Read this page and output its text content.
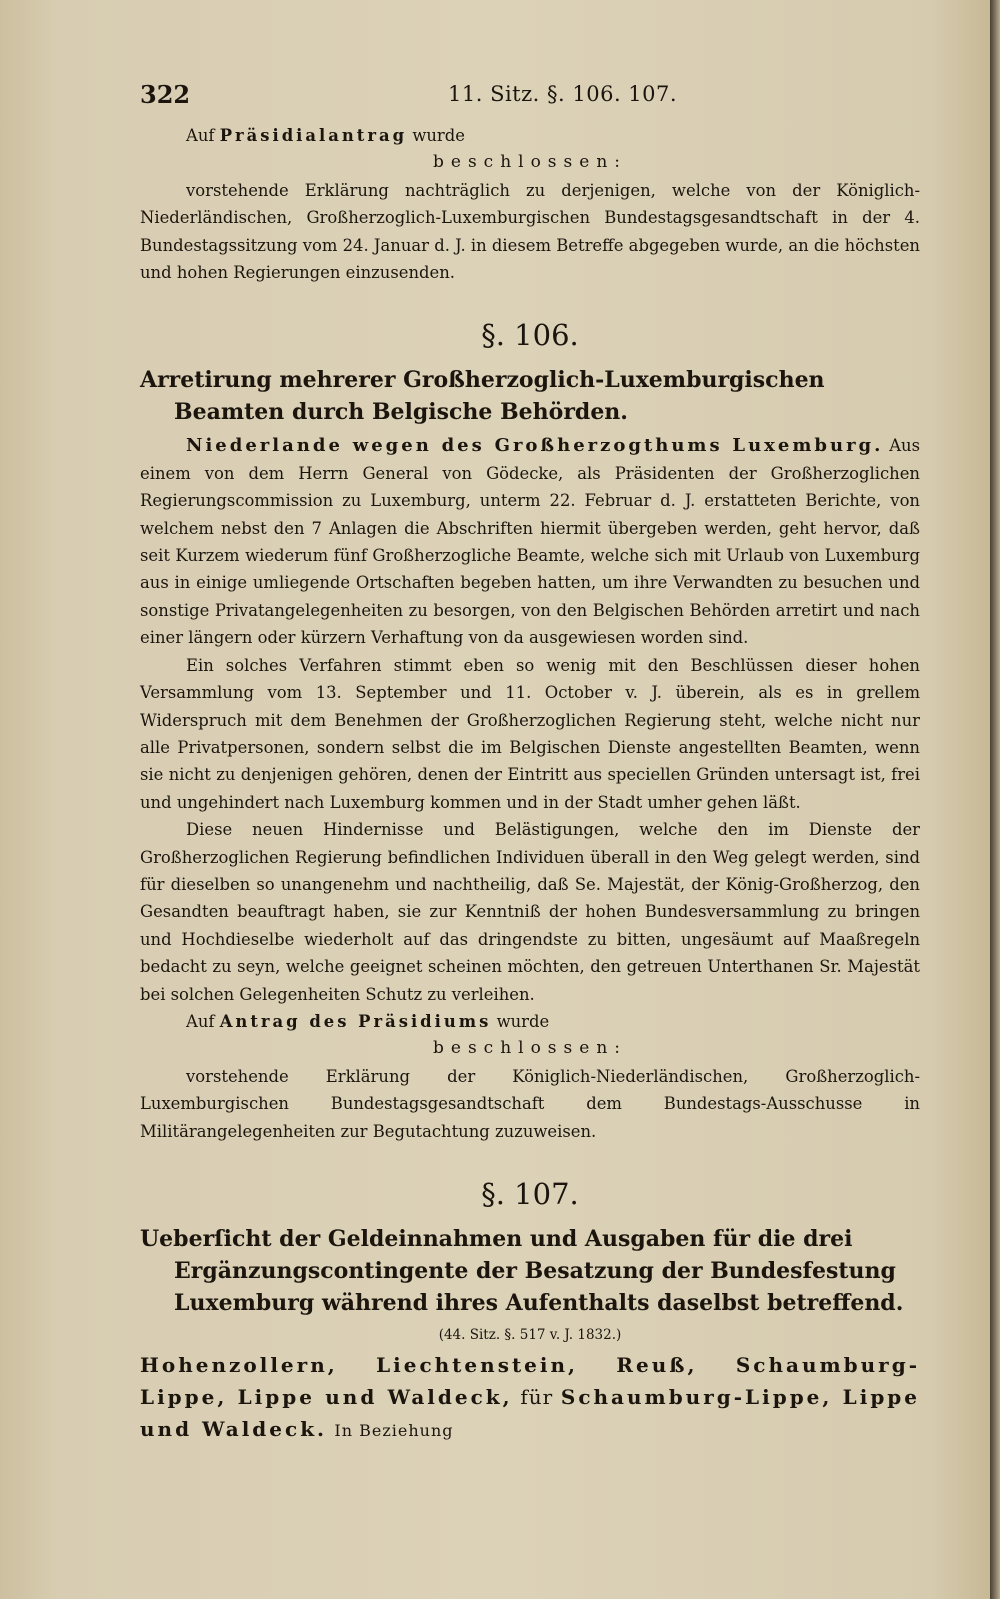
322	11. Sitz. §. 106. 107.

Auf Präsidialantrag wurde

beschlossen:

vorstehende Erklärung nachträglich zu derjenigen, welche von der Königlich-Niederländischen, Großherzoglich-Luxemburgischen Bundestagsgesandtschaft in der 4. Bundestagssitzung vom 24. Januar d. J. in diesem Betreffe abgegeben wurde, an die höchsten und hohen Regierungen einzusenden.

§. 106.

Arretirung mehrerer Großherzoglich-Luxemburgischen Beamten durch Belgische Behörden.

Niederlande wegen des Großherzogthums Luxemburg. Aus einem von dem Herrn General von Gödecke, als Präsidenten der Großherzoglichen Regierungscommission zu Luxemburg, unterm 22. Februar d. J. erstatteten Berichte, von welchem nebst den 7 Anlagen die Abschriften hiermit übergeben werden, geht hervor, daß seit Kurzem wiederum fünf Großherzogliche Beamte, welche sich mit Urlaub von Luxemburg aus in einige umliegende Ortschaften begeben hatten, um ihre Verwandten zu besuchen und sonstige Privatangelegenheiten zu besorgen, von den Belgischen Behörden arretirt und nach einer längern oder kürzern Verhaftung von da ausgewiesen worden sind.

Ein solches Verfahren stimmt eben so wenig mit den Beschlüssen dieser hohen Versammlung vom 13. September und 11. October v. J. überein, als es in grellem Widerspruch mit dem Benehmen der Großherzoglichen Regierung steht, welche nicht nur alle Privatpersonen, sondern selbst die im Belgischen Dienste angestellten Beamten, wenn sie nicht zu denjenigen gehören, denen der Eintritt aus speciellen Gründen untersagt ist, frei und ungehindert nach Luxemburg kommen und in der Stadt umher gehen läßt.

Diese neuen Hindernisse und Belästigungen, welche den im Dienste der Großherzoglichen Regierung befindlichen Individuen überall in den Weg gelegt werden, sind für dieselben so unangenehm und nachtheilig, daß Se. Majestät, der König-Großherzog, den Gesandten beauftragt haben, sie zur Kenntniß der hohen Bundesversammlung zu bringen und Hochdieselbe wiederholt auf das dringendste zu bitten, ungesäumt auf Maaßregeln bedacht zu seyn, welche geeignet scheinen möchten, den getreuen Unterthanen Sr. Majestät bei solchen Gelegenheiten Schutz zu verleihen.

Auf Antrag des Präsidiums wurde

beschlossen:

vorstehende Erklärung der Königlich-Niederländischen, Großherzoglich-Luxemburgischen Bundestagsgesandtschaft dem Bundestags-Ausschusse in Militärangelegenheiten zur Begutachtung zuzuweisen.

§. 107.

Ueberſicht der Geldeinnahmen und Ausgaben für die drei Ergänzungscontingente der Besatzung der Bundesfestung Luxemburg während ihres Aufenthalts daselbst betreffend.

(44. Sitz. §. 517 v. J. 1832.)

Hohenzollern, Liechtenstein, Reuß, Schaumburg-Lippe, Lippe und Waldeck, für Schaumburg-Lippe, Lippe und Waldeck. In Beziehung
